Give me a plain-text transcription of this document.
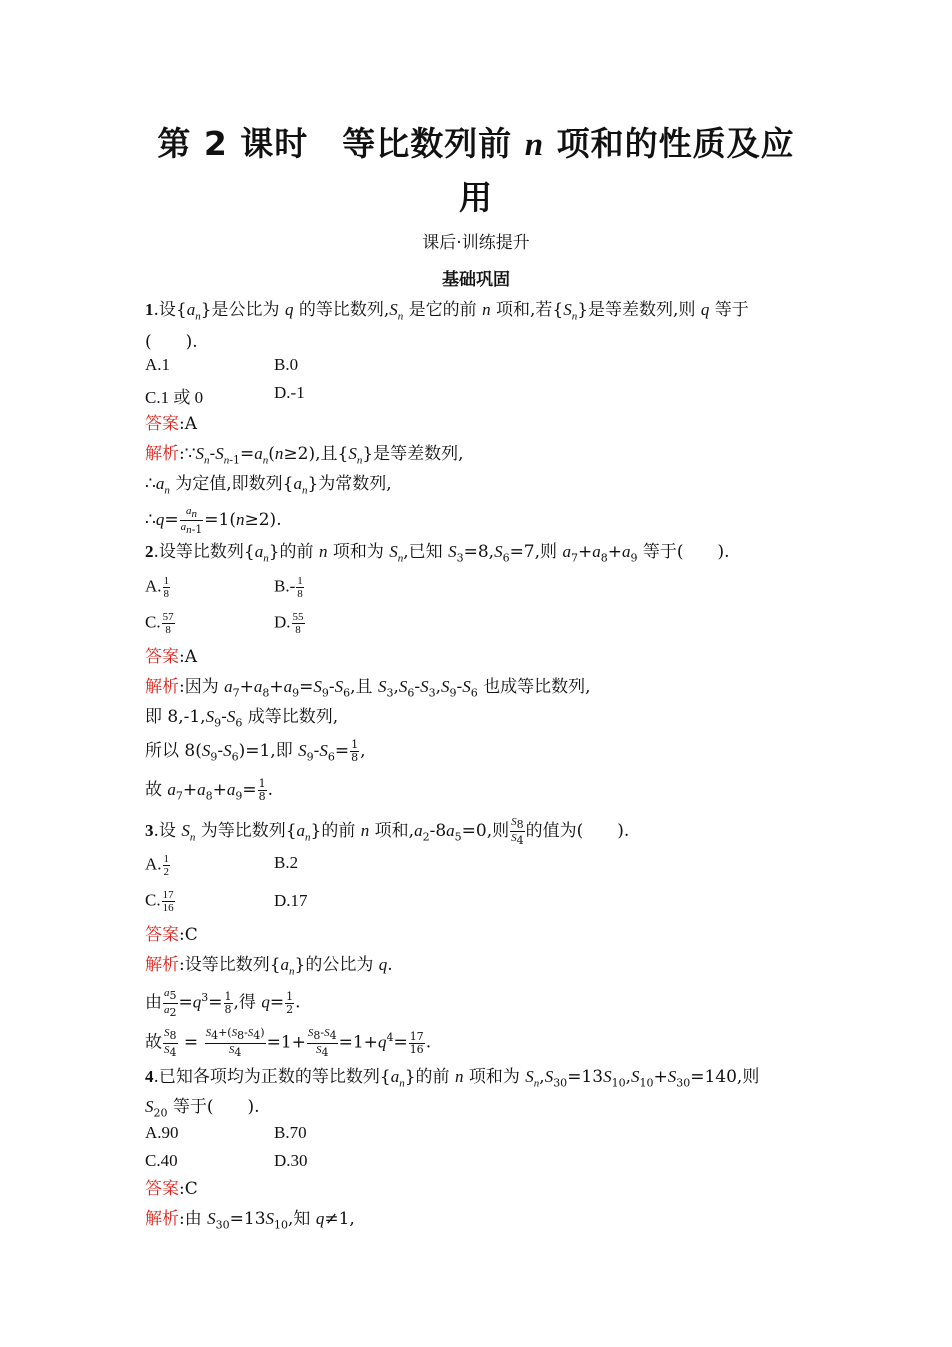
第 2 课时　等比数列前 n 项和的性质及应
用
课后·训练提升
基础巩固
1.设$\{a_n\}$是公比为 q 的等比数列$,S_n$ 是它的前 n 项和,若$\{S_n\}$是等差数列,则 q 等于
(　　).
A.1	B.0
C.1 或 0	D.-1
答案:A
解析$:\because S_n-S_{n-1}=a_n(n\ge 2)$,且$\{S_n\}$是等差数列,
$\therefore a_n$ 为定值,即数列$\{a_n\}$为常数列,
∴q= $\frac{a_n}{a_{n-1}} =1(n\ge 2)$.
2.设等比数列$\{a_n\}$的前 n 项和为 $S_n$,已知 $S_3=8,S_6=7$,则 $a_7+a_8+a_9$ 等于(　　).
A. $\frac{1}{8}$	$B.- \frac{1}{8}$
C. $\frac{57}{8}$	D. $\frac{55}{8}$
答案:A
解析:因为 $a_7+a_8+a_9=S_9-S_6$,且 $S_3,S_6-S_3,S_9-S_6$ 也成等比数列,
即 $8,-1,S_9-S_6$ 成等比数列,
所以 $8(S_9-S_6)=1$,即 $S_9-S_6= \frac{1}{8}$ ,
故 $a_7+a_8+a_9= \frac{1}{8}$ .
3.设 $S_n$ 为等比数列$\{a_n\}$的前 n 项和$,a_2-8a_5=0$,则 $\frac{S_8}{S_4}$ 的值为(　　).
A. $\frac{1}{2}$	B.2
C. $\frac{17}{16}$	D.17
答案:C
解析:设等比数列$\{a_n\}$的公比为 q.
由 $\frac{a_5}{a_2} =q^3= \frac{1}{8}$ ,得 $q= \frac{1}{2}$ .
故 $\frac{S_8}{S_4} = \frac{S_4+(S_8-S_4)}{S_4} =1+ \frac{S_8-S_4}{S_4} =1+q^4= \frac{17}{16}$ .
4.已知各项均为正数的等比数列$\{a_n\}$的前 n 项和为 $S_n,S_{30}=13S_{10},S_{10}+S_{30}=140$,则
$S_{20}$ 等于(　　).
A.90	B.70
C.40	D.30
答案:C
解析:由 $S_{30}=13S_{10}$,知 q≠1,
